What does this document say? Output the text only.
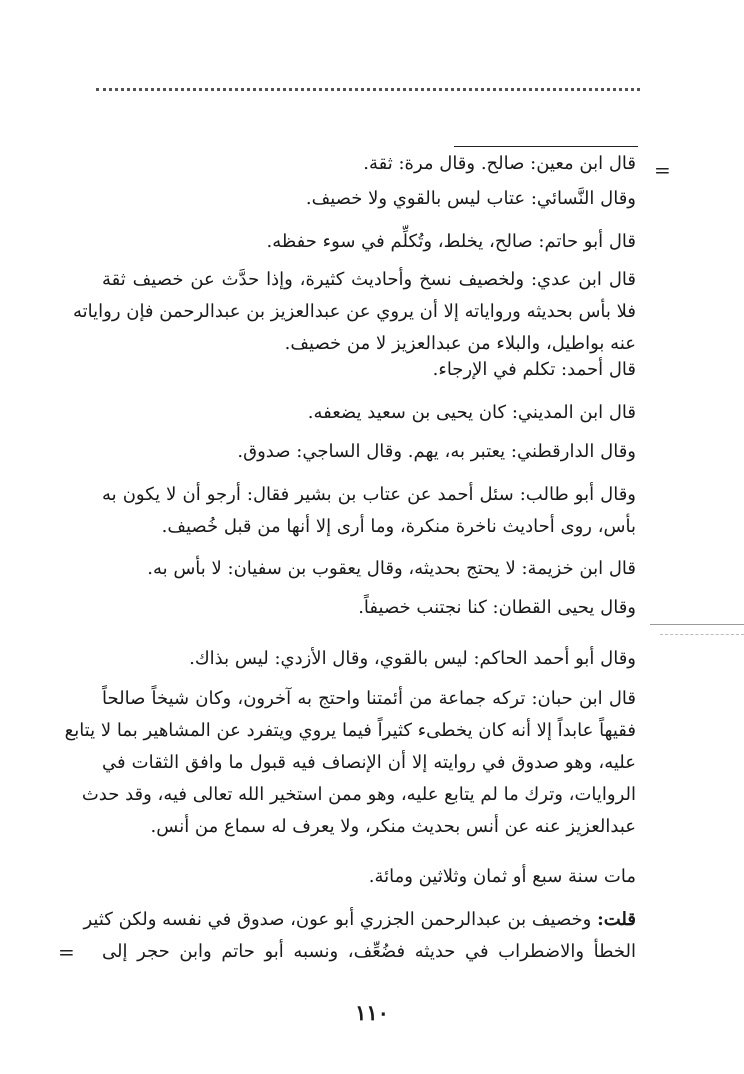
=
قال ابن معين: صالح. وقال مرة: ثقة.
وقال النَّسائي: عتاب ليس بالقوي ولا خصيف.
قال أبو حاتم: صالح، يخلط، وتُكلِّم في سوء حفظه.
قال ابن عدي: ولخصيف نسخ وأحاديث كثيرة، وإذا حدَّث عن خصيف ثقة
فلا بأس بحديثه ورواياته إلا أن يروي عن عبدالعزيز بن عبدالرحمن فإن رواياته
عنه بواطيل، والبلاء من عبدالعزيز لا من خصيف.
قال أحمد: تكلم في الإرجاء.
قال ابن المديني: كان يحيى بن سعيد يضعفه.
وقال الدارقطني: يعتبر به، يهم. وقال الساجي: صدوق.
وقال أبو طالب: سئل أحمد عن عتاب بن بشير فقال: أرجو أن لا يكون به
بأس، روى أحاديث ناخرة منكرة، وما أرى إلا أنها من قبل خُصيف.
قال ابن خزيمة: لا يحتج بحديثه، وقال يعقوب بن سفيان: لا بأس به.
وقال يحيى القطان: كنا نجتنب خصيفاً.
وقال أبو أحمد الحاكم: ليس بالقوي، وقال الأزدي: ليس بذاك.
قال ابن حبان: تركه جماعة من أئمتنا واحتج به آخرون، وكان شيخاً صالحاً
فقيهاً عابداً إلا أنه كان يخطىء كثيراً فيما يروي ويتفرد عن المشاهير بما لا يتابع
عليه، وهو صدوق في روايته إلا أن الإنصاف فيه قبول ما وافق الثقات في
الروايات، وترك ما لم يتابع عليه، وهو ممن استخير الله تعالى فيه، وقد حدث
عبدالعزيز عنه عن أنس بحديث منكر، ولا يعرف له سماع من أنس.
مات سنة سبع أو ثمان وثلاثين ومائة.
قلت: وخصيف بن عبدالرحمن الجزري أبو عون، صدوق في نفسه ولكن كثير
الخطأ والاضطراب في حديثه فضُعِّف، ونسبه أبو حاتم وابن حجر إلى
=
١١٠
